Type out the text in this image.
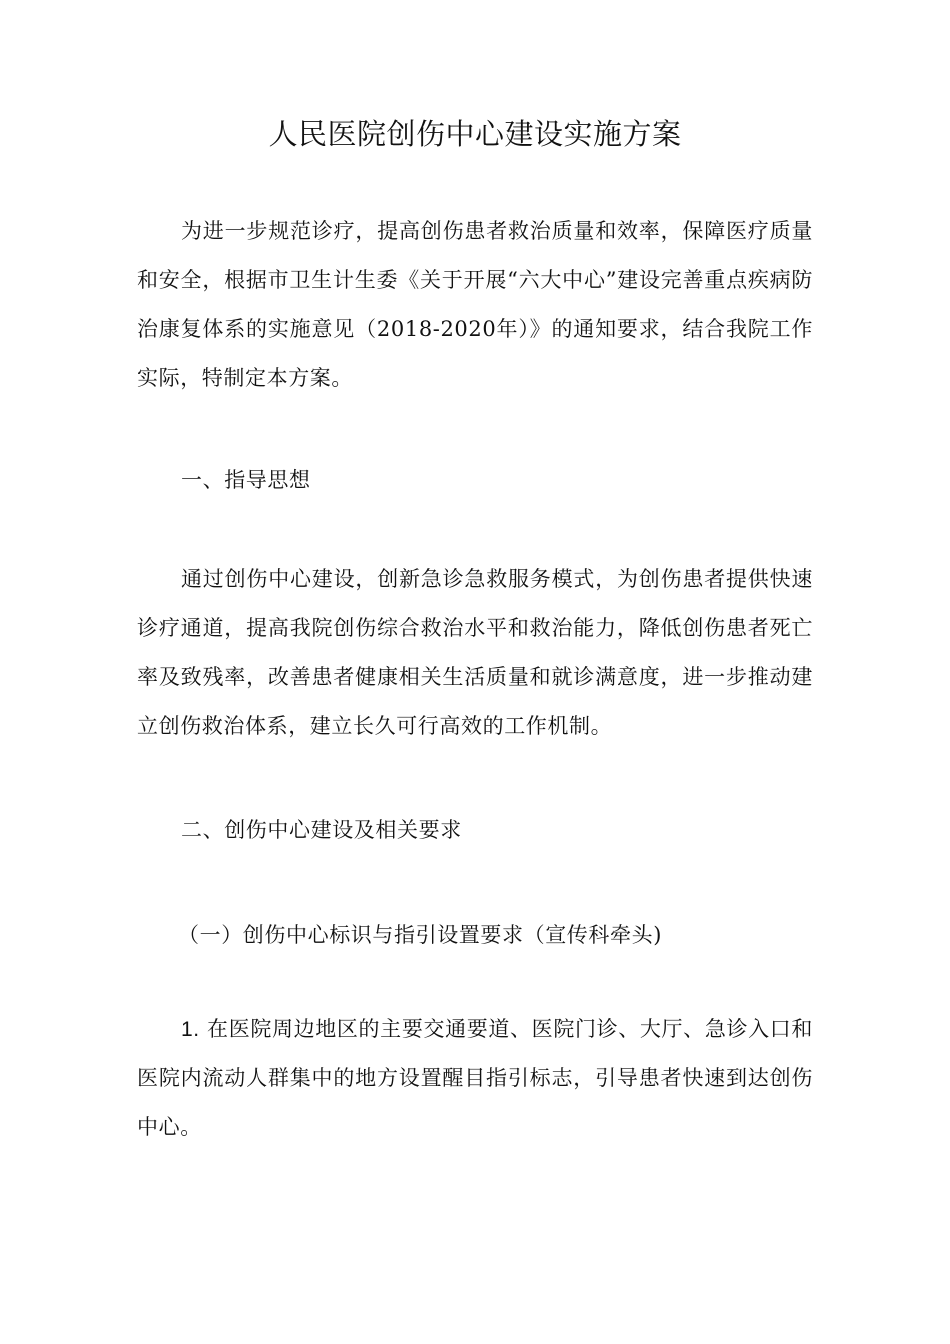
人民医院创伤中心建设实施方案

为进一步规范诊疗，提高创伤患者救治质量和效率，保障医疗质量和安全，根据市卫生计生委《关于开展“六大中心”建设完善重点疾病防治康复体系的实施意见（2018-2020年）》的通知要求，结合我院工作实际，特制定本方案。

一、指导思想

通过创伤中心建设，创新急诊急救服务模式，为创伤患者提供快速诊疗通道，提高我院创伤综合救治水平和救治能力，降低创伤患者死亡率及致残率，改善患者健康相关生活质量和就诊满意度，进一步推动建立创伤救治体系，建立长久可行高效的工作机制。

二、创伤中心建设及相关要求

（一）创伤中心标识与指引设置要求（宣传科牵头)

1. 在医院周边地区的主要交通要道、医院门诊、大厅、急诊入口和医院内流动人群集中的地方设置醒目指引标志，引导患者快速到达创伤中心。
